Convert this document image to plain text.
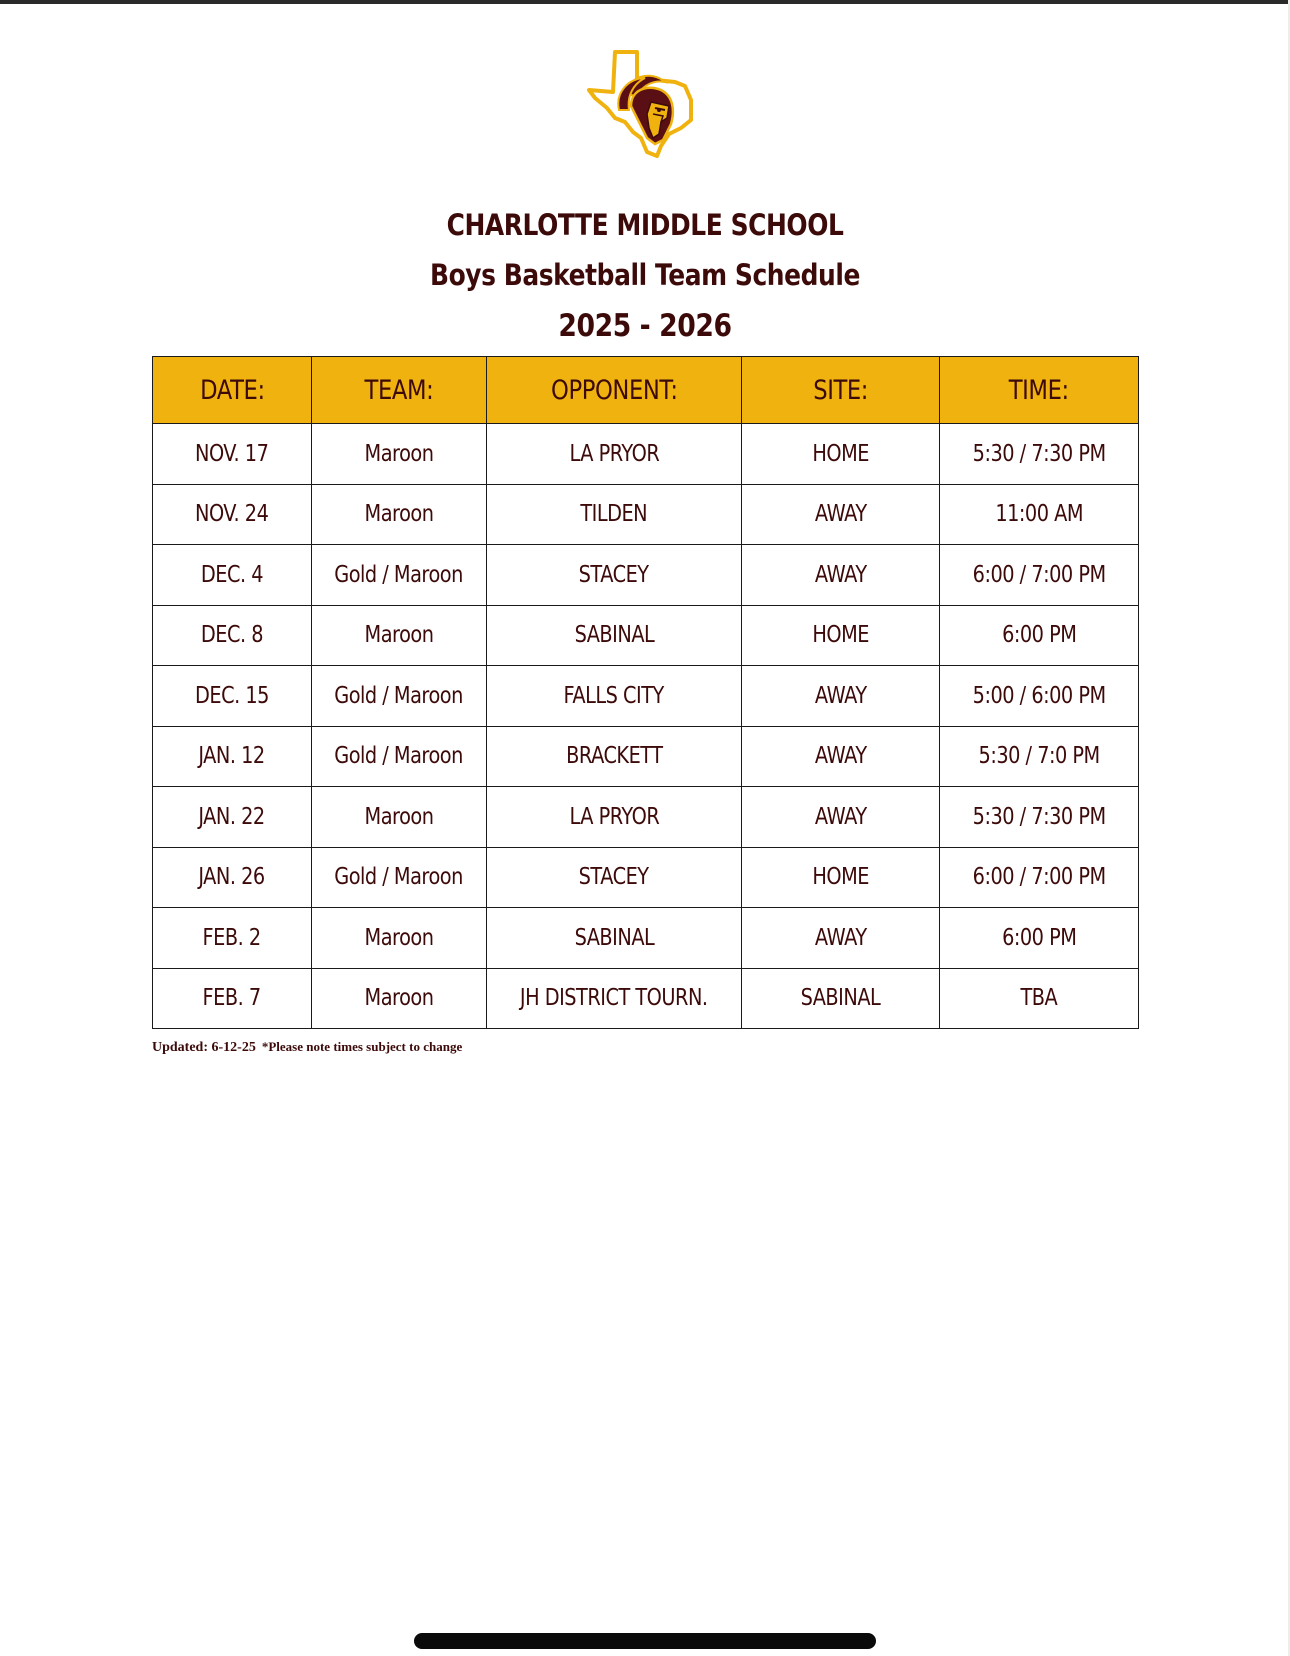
CHARLOTTE MIDDLE SCHOOL
Boys Basketball Team Schedule
2025 - 2026
DATE:	TEAM:	OPPONENT:	SITE:	TIME:
NOV. 17	Maroon	LA PRYOR	HOME	5:30 / 7:30 PM
NOV. 24	Maroon	TILDEN	AWAY	11:00 AM
DEC. 4	Gold / Maroon	STACEY	AWAY	6:00 / 7:00 PM
DEC. 8	Maroon	SABINAL	HOME	6:00 PM
DEC. 15	Gold / Maroon	FALLS CITY	AWAY	5:00 / 6:00 PM
JAN. 12	Gold / Maroon	BRACKETT	AWAY	5:30 / 7:0 PM
JAN. 22	Maroon	LA PRYOR	AWAY	5:30 / 7:30 PM
JAN. 26	Gold / Maroon	STACEY	HOME	6:00 / 7:00 PM
FEB. 2	Maroon	SABINAL	AWAY	6:00 PM
FEB. 7	Maroon	JH DISTRICT TOURN.	SABINAL	TBA
Updated: 6-12-25 *Please note times subject to change
